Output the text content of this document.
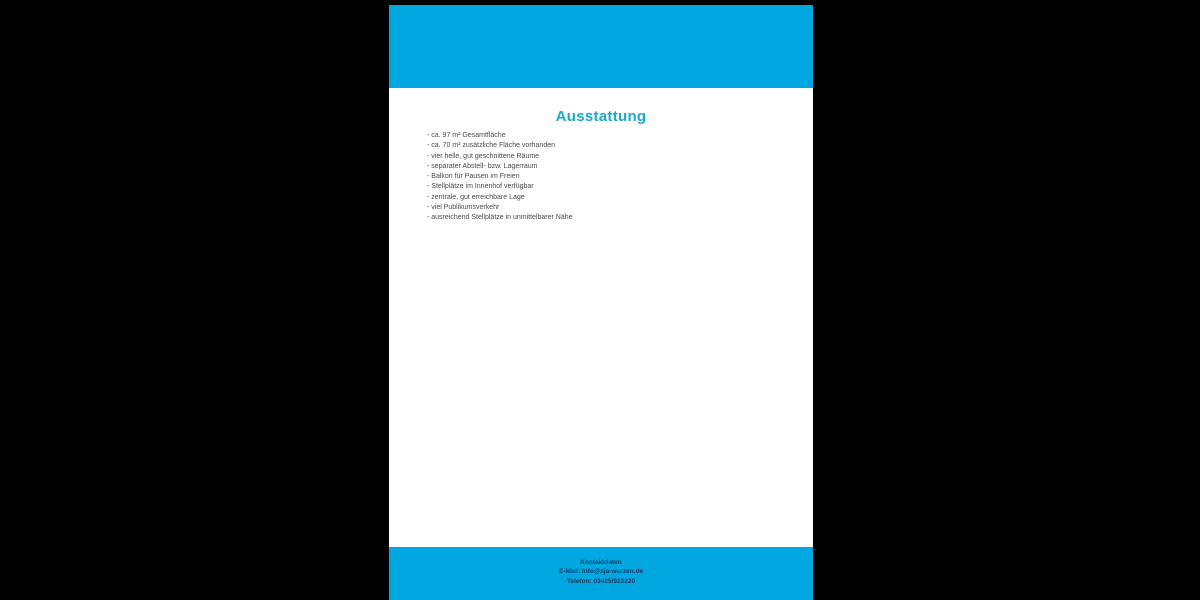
Ausstattung
- ca. 97 m² Gesamtfläche
- ca. 70 m² zusätzliche Fläche vorhanden
- vier helle, gut geschnittene Räume
- separater Abstell- bzw. Lagerraum
- Balkon für Pausen im Freien
- Stellplätze im Innenhof verfügbar
- zentrale, gut erreichbare Lage
- viel Publikumsverkehr
- ausreichend Stellplätze in unmittelbarer Nähe
Kontaktdaten
E-Mail: info@sja-wurzen.de
Telefon: 03425/922220
